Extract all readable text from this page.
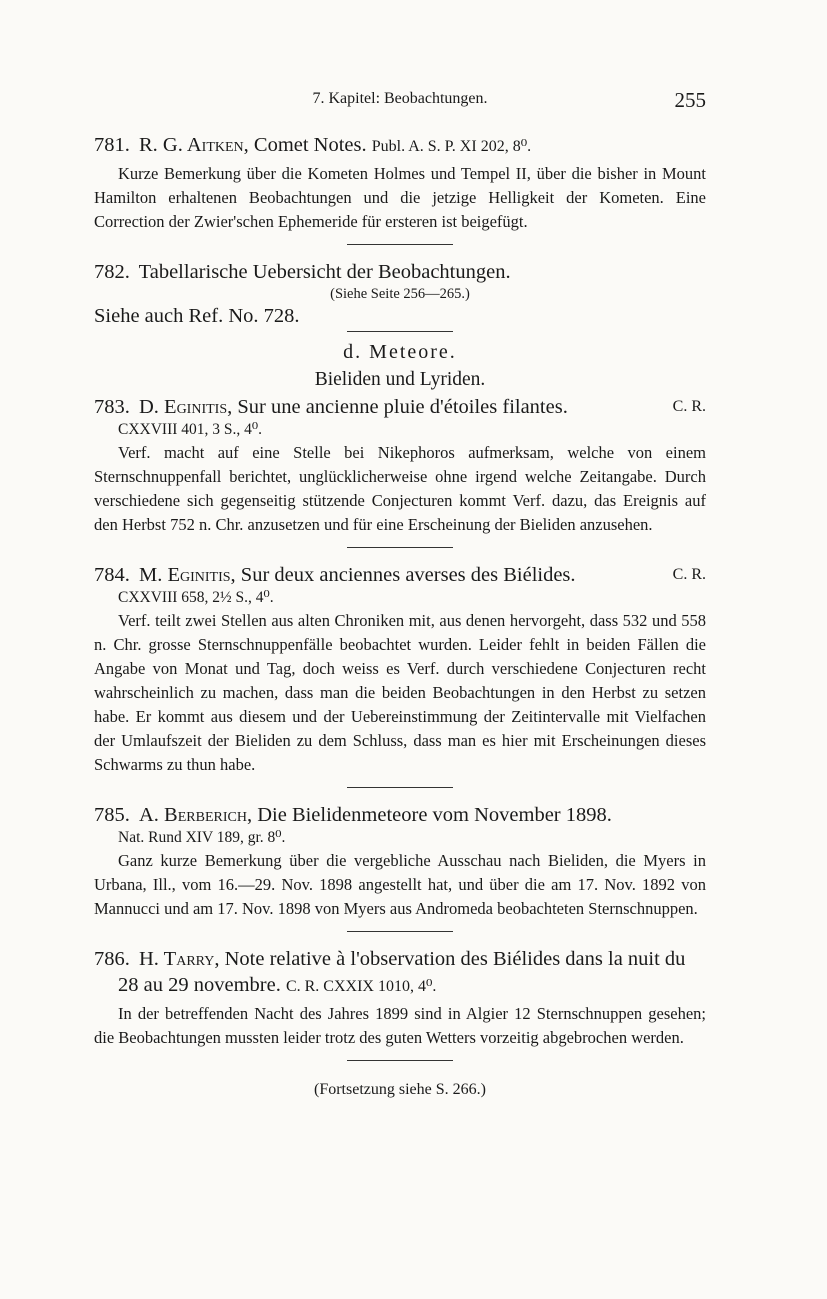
7. Kapitel: Beobachtungen.	255
781. R. G. Aitken, Comet Notes. Publ. A. S. P. XI 202, 8⁰.

Kurze Bemerkung über die Kometen Holmes und Tempel II, über die bisher in Mount Hamilton erhaltenen Beobachtungen und die jetzige Helligkeit der Kometen. Eine Correction der Zwier'schen Ephemeride für ersteren ist beigefügt.

782. Tabellarische Uebersicht der Beobachtungen.
(Siehe Seite 256—265.)
Siehe auch Ref. No. 728.
d. Meteore.
Bieliden und Lyriden.
783. D. Eginitis, Sur une ancienne pluie d'étoiles filantes.	C. R.
CXXVIII 401, 3 S., 4⁰.

Verf. macht auf eine Stelle bei Nikephoros aufmerksam, welche von einem Sternschnuppenfall berichtet, unglücklicherweise ohne irgend welche Zeitangabe. Durch verschiedene sich gegenseitig stützende Conjecturen kommt Verf. dazu, das Ereignis auf den Herbst 752 n. Chr. anzusetzen und für eine Erscheinung der Bieliden anzusehen.

784. M. Eginitis, Sur deux anciennes averses des Biélides.	C. R.
CXXVIII 658, 2½ S., 4⁰.

Verf. teilt zwei Stellen aus alten Chroniken mit, aus denen hervorgeht, dass 532 und 558 n. Chr. grosse Sternschnuppenfälle beobachtet wurden. Leider fehlt in beiden Fällen die Angabe von Monat und Tag, doch weiss es Verf. durch verschiedene Conjecturen recht wahrscheinlich zu machen, dass man die beiden Beobachtungen in den Herbst zu setzen habe. Er kommt aus diesem und der Uebereinstimmung der Zeitintervalle mit Vielfachen der Umlaufszeit der Bieliden zu dem Schluss, dass man es hier mit Erscheinungen dieses Schwarms zu thun habe.

785. A. Berberich, Die Bielidenmeteore vom November 1898.
Nat. Rund XIV 189, gr. 8⁰.

Ganz kurze Bemerkung über die vergebliche Ausschau nach Bieliden, die Myers in Urbana, Ill., vom 16.—29. Nov. 1898 angestellt hat, und über die am 17. Nov. 1892 von Mannucci und am 17. Nov. 1898 von Myers aus Andromeda beobachteten Sternschnuppen.

786. H. Tarry, Note relative à l'observation des Biélides dans la nuit du 28 au 29 novembre. C. R. CXXIX 1010, 4⁰.

In der betreffenden Nacht des Jahres 1899 sind in Algier 12 Sternschnuppen gesehen; die Beobachtungen mussten leider trotz des guten Wetters vorzeitig abgebrochen werden.

(Fortsetzung siehe S. 266.)
